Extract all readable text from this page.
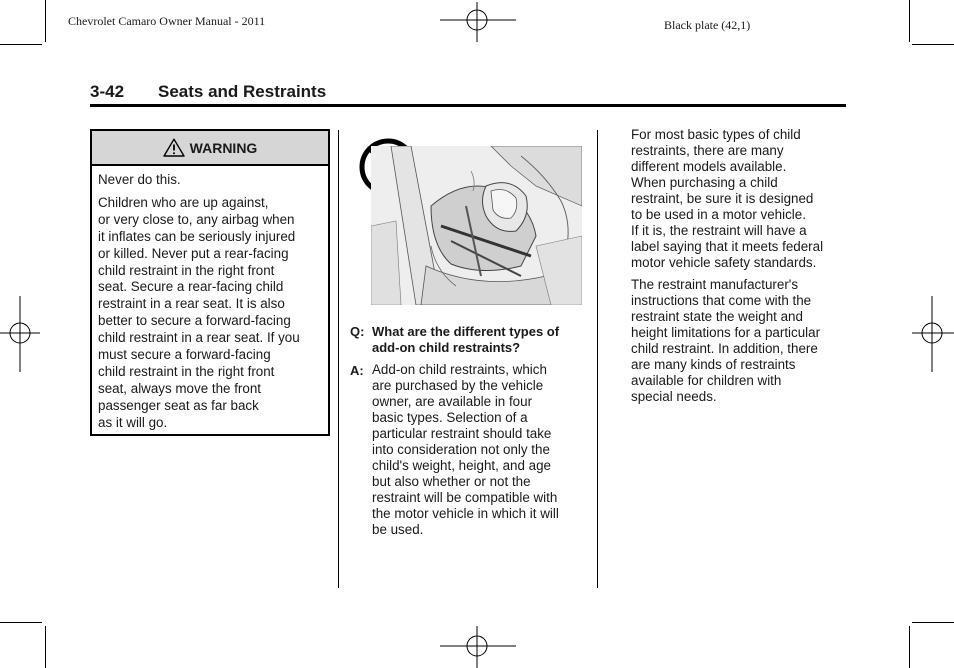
Chevrolet Camaro Owner Manual - 2011	Black plate (42,1)
3-42 Seats and Restraints
WARNING

Never do this.

Children who are up against,
or very close to, any airbag when
it inflates can be seriously injured
or killed. Never put a rear-facing
child restraint in the right front
seat. Secure a rear-facing child
restraint in a rear seat. It is also
better to secure a forward-facing
child restraint in a rear seat. If you
must secure a forward-facing
child restraint in the right front
seat, always move the front
passenger seat as far back
as it will go.

Q: What are the different types of
add-on child restraints?
A: Add-on child restraints, which
are purchased by the vehicle
owner, are available in four
basic types. Selection of a
particular restraint should take
into consideration not only the
child's weight, height, and age
but also whether or not the
restraint will be compatible with
the motor vehicle in which it will
be used.

For most basic types of child
restraints, there are many
different models available.
When purchasing a child
restraint, be sure it is designed
to be used in a motor vehicle.
If it is, the restraint will have a
label saying that it meets federal
motor vehicle safety standards.

The restraint manufacturer's
instructions that come with the
restraint state the weight and
height limitations for a particular
child restraint. In addition, there
are many kinds of restraints
available for children with
special needs.
